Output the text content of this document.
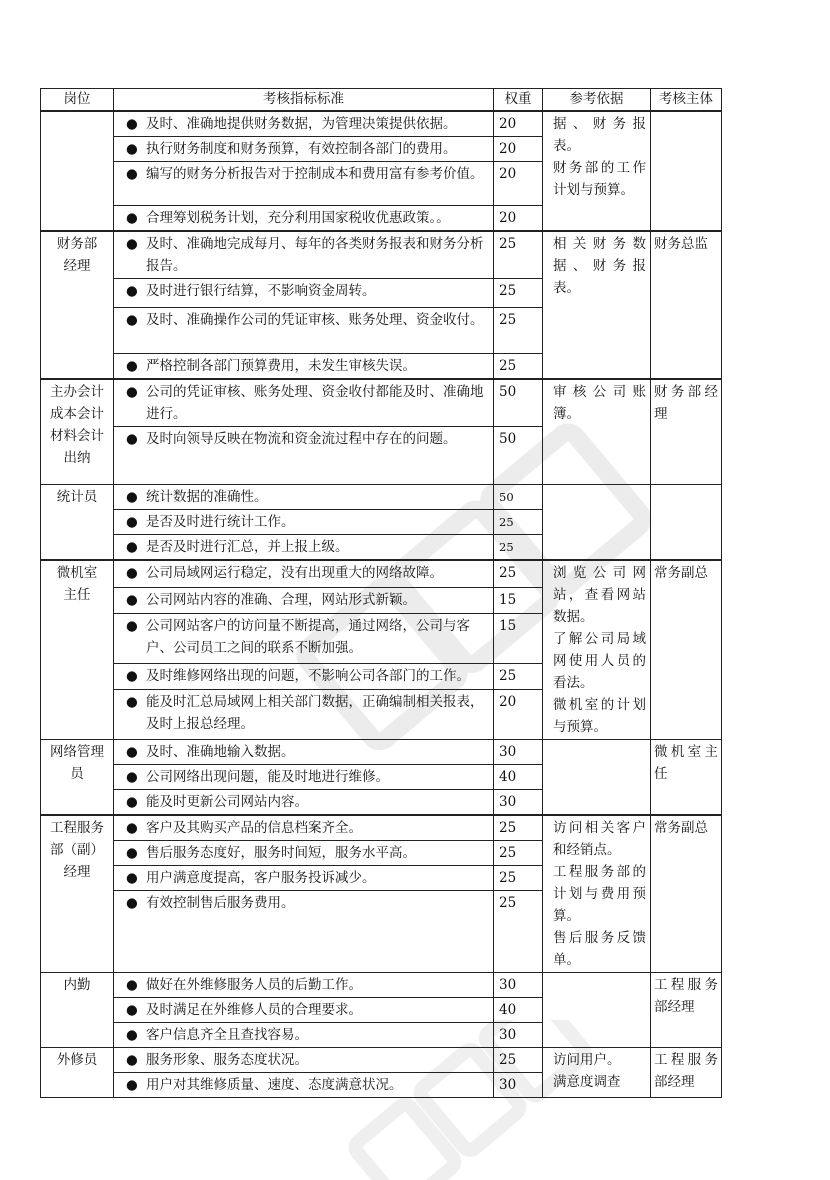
岗位	考核指标标准	权重	参考依据	考核主体

	● 及时、准确地提供财务数据，为管理决策提供依据。	20	据、财务报表。
财务部的工作计划与预算。	

	● 执行财务制度和财务预算，有效控制各部门的费用。	20		

	● 编写的财务分析报告对于控制成本和费用富有参考价值。	20		

	● 合理筹划税务计划，充分利用国家税收优惠政策。。	20		

财务部
经理	● 及时、准确地完成每月、每年的各类财务报表和财务分析报告。	25	相关财务数据、财务报表。	财务总监

	● 及时进行银行结算，不影响资金周转。	25		

	● 及时、准确操作公司的凭证审核、账务处理、资金收付。	25		

	● 严格控制各部门预算费用，未发生审核失误。	25		

主办会计
成本会计
材料会计
出纳	● 公司的凭证审核、账务处理、资金收付都能及时、准确地进行。	50	审核公司账簿。	财务部经理

	● 及时向领导反映在物流和资金流过程中存在的问题。	50		

统计员	● 统计数据的准确性。	50		

	● 是否及时进行统计工作。	25		

	● 是否及时进行汇总，并上报上级。	25		

微机室
主任	● 公司局域网运行稳定，没有出现重大的网络故障。	25	浏览公司网站，查看网站数据。
了解公司局域网使用人员的看法。
微机室的计划与预算。	常务副总

	● 公司网站内容的准确、合理，网站形式新颖。	15		

	● 公司网站客户的访问量不断提高，通过网络，公司与客户、公司员工之间的联系不断加强。	15		

	● 及时维修网络出现的问题，不影响公司各部门的工作。	25		

	● 能及时汇总局域网上相关部门数据，正确编制相关报表，及时上报总经理。	20		

网络管理
员	● 及时、准确地输入数据。	30		微机室主任

	● 公司网络出现问题，能及时地进行维修。	40		

	● 能及时更新公司网站内容。	30		

工程服务
部（副）
经理	● 客户及其购买产品的信息档案齐全。	25	访问相关客户和经销点。
工程服务部的计划与费用预算。
售后服务反馈单。	常务副总

	● 售后服务态度好，服务时间短，服务水平高。	25		

	● 用户满意度提高，客户服务投诉减少。	25		

	● 有效控制售后服务费用。	25		

内勤	● 做好在外维修服务人员的后勤工作。	30		工程服务部经理

	● 及时满足在外维修人员的合理要求。	40		

	● 客户信息齐全且查找容易。	30		

外修员	● 服务形象、服务态度状况。	25	访问用户。
满意度调查	工程服务部经理

	● 用户对其维修质量、速度、态度满意状况。	30		
